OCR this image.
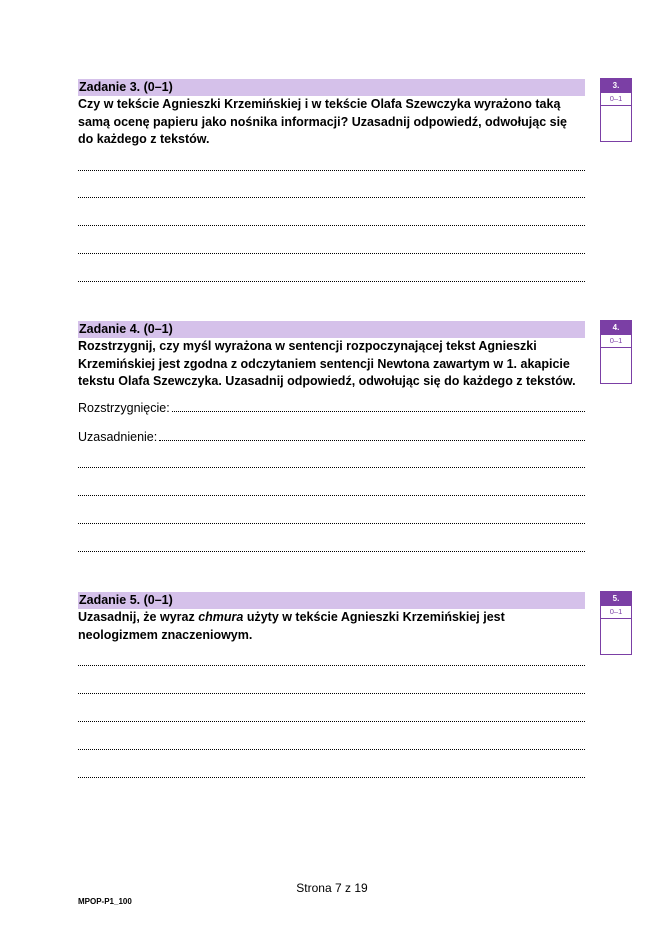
Zadanie 3. (0–1)
Czy w tekście Agnieszki Krzemińskiej i w tekście Olafa Szewczyka wyrażono taką samą ocenę papieru jako nośnika informacji? Uzasadnij odpowiedź, odwołując się do każdego z tekstów.
3.
0–1
Zadanie 4. (0–1)
Rozstrzygnij, czy myśl wyrażona w sentencji rozpoczynającej tekst Agnieszki Krzemińskiej jest zgodna z odczytaniem sentencji Newtona zawartym w 1. akapicie tekstu Olafa Szewczyka. Uzasadnij odpowiedź, odwołując się do każdego z tekstów.
Rozstrzygnięcie:
Uzasadnienie:
4.
0–1
Zadanie 5. (0–1)
Uzasadnij, że wyraz chmura użyty w tekście Agnieszki Krzemińskiej jest neologizmem znaczeniowym.
5.
0–1
Strona 7 z 19
MPOP-P1_100
